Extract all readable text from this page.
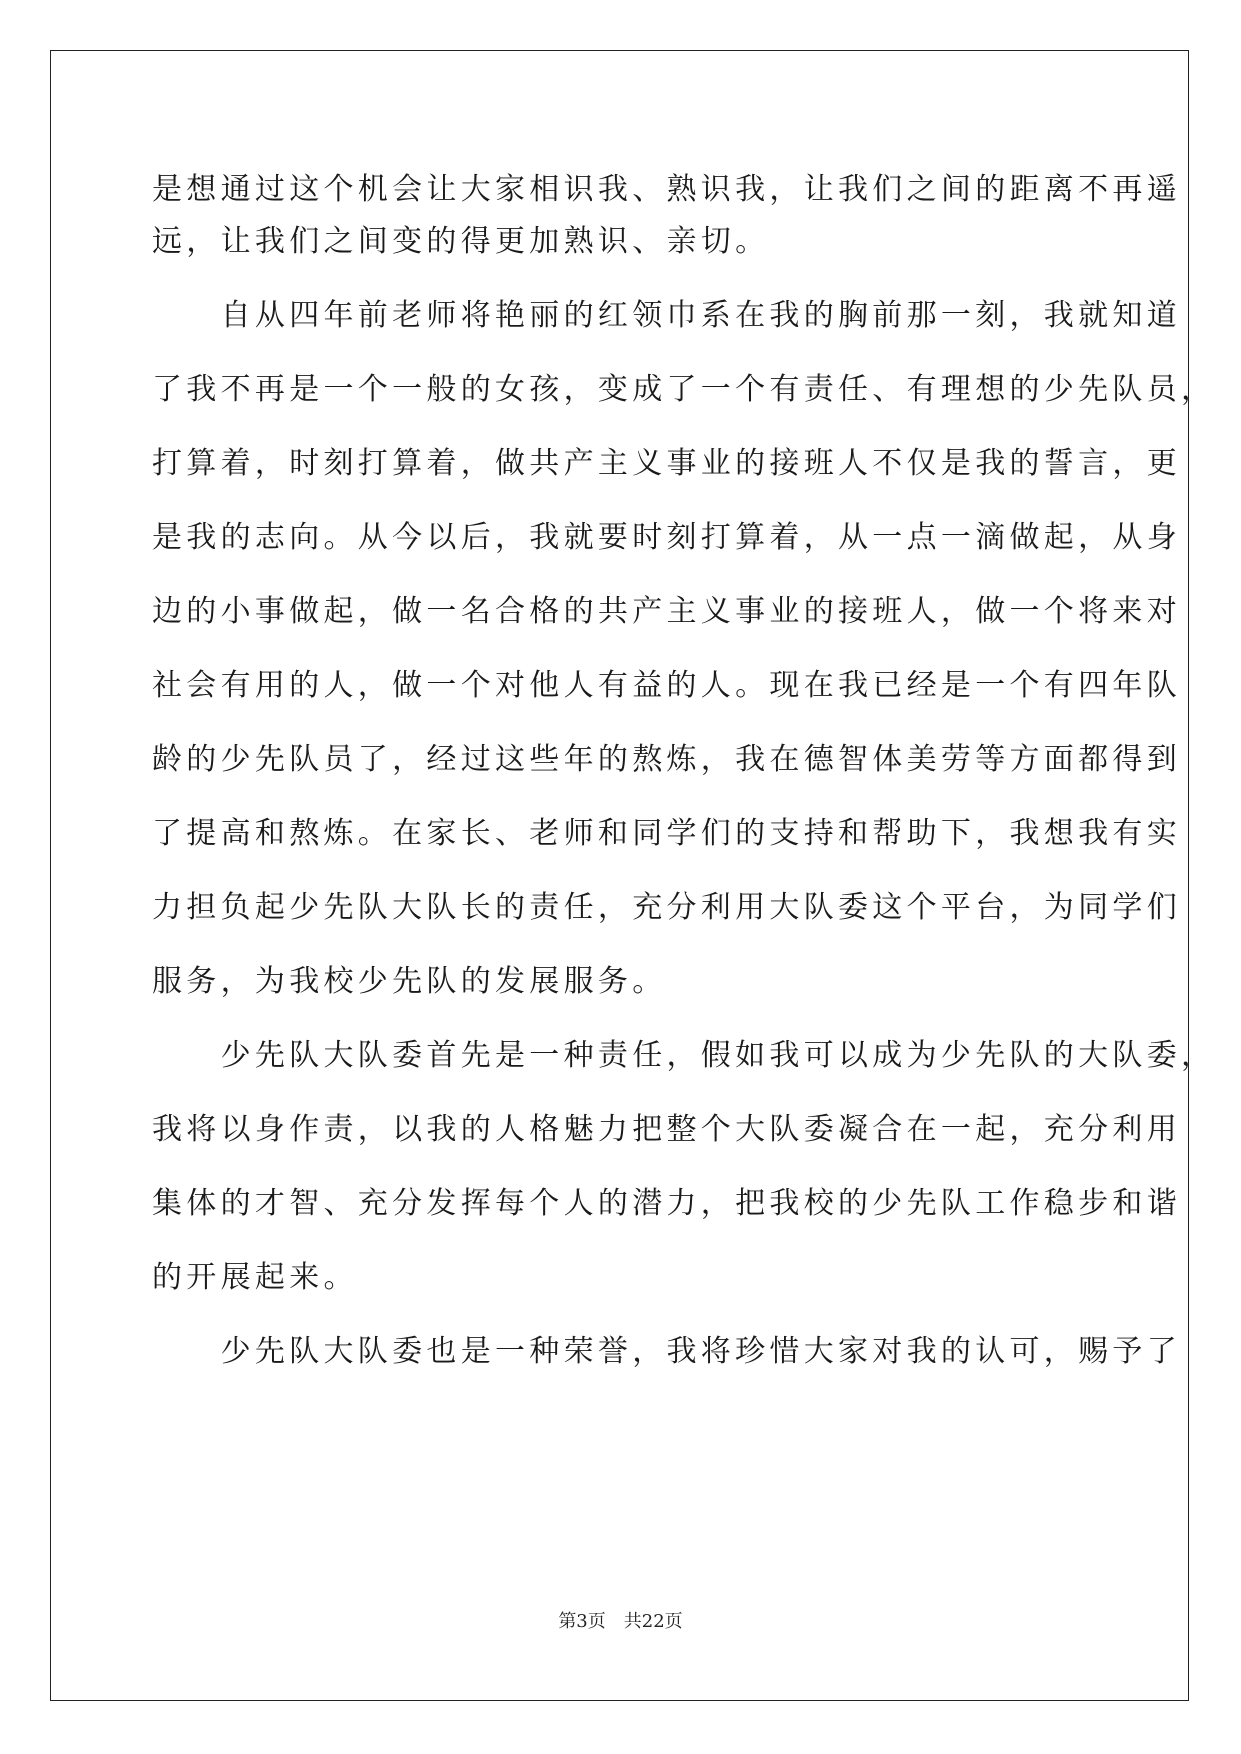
是想通过这个机会让大家相识我、熟识我，让我们之间的距离不再遥
远，让我们之间变的得更加熟识、亲切。
　　自从四年前老师将艳丽的红领巾系在我的胸前那一刻，我就知道
了我不再是一个一般的女孩，变成了一个有责任、有理想的少先队员，
打算着，时刻打算着，做共产主义事业的接班人不仅是我的誓言，更
是我的志向。从今以后，我就要时刻打算着，从一点一滴做起，从身
边的小事做起，做一名合格的共产主义事业的接班人，做一个将来对
社会有用的人，做一个对他人有益的人。现在我已经是一个有四年队
龄的少先队员了，经过这些年的熬炼，我在德智体美劳等方面都得到
了提高和熬炼。在家长、老师和同学们的支持和帮助下，我想我有实
力担负起少先队大队长的责任，充分利用大队委这个平台，为同学们
服务，为我校少先队的发展服务。
　　少先队大队委首先是一种责任，假如我可以成为少先队的大队委，
我将以身作责，以我的人格魅力把整个大队委凝合在一起，充分利用
集体的才智、充分发挥每个人的潜力，把我校的少先队工作稳步和谐
的开展起来。
　　少先队大队委也是一种荣誉，我将珍惜大家对我的认可，赐予了
第3页 共22页
